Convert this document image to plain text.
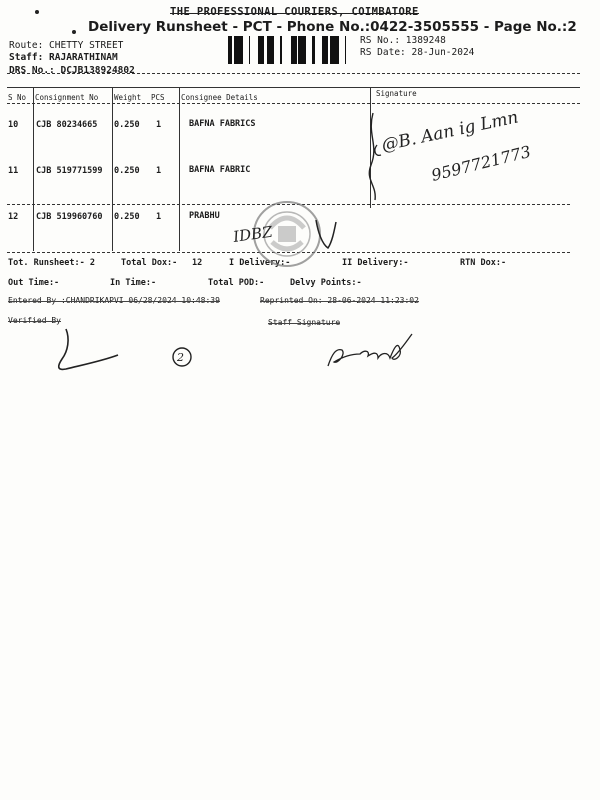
THE PROFESSIONAL COURIERS, COIMBATORE
Delivery Runsheet - PCT - Phone No.:0422-3505555 - Page No.:2
Route: CHETTY STREET
Staff: RAJARATHINAM
DRS No.: DCJB138924802
RS No.: 1389248
RS Date: 28-Jun-2024
S No Consignment No Weight PCS Consignee Details	Signature
10 CJB 80234665 0.250 1	BAFNA FABRICS
11 CJB 519771599 0.250 1	BAFNA FABRIC
12 CJB 519960760 0.250 1	PRABHU
Tot. Runsheet:- 2	Total Dox:- 12	I Delivery:-	II Delivery:-	RTN Dox:-
Out Time:-	In Time:-	Total POD:-	Delvy Points:-
Entered By :CHANDRIKAPVI 06/28/2024 10:48:39	Reprinted On: 28-06-2024 11:23:02
Verified By	Staff Signature
@B. Aan ig Lmn
9597721773
IDBZ
2
